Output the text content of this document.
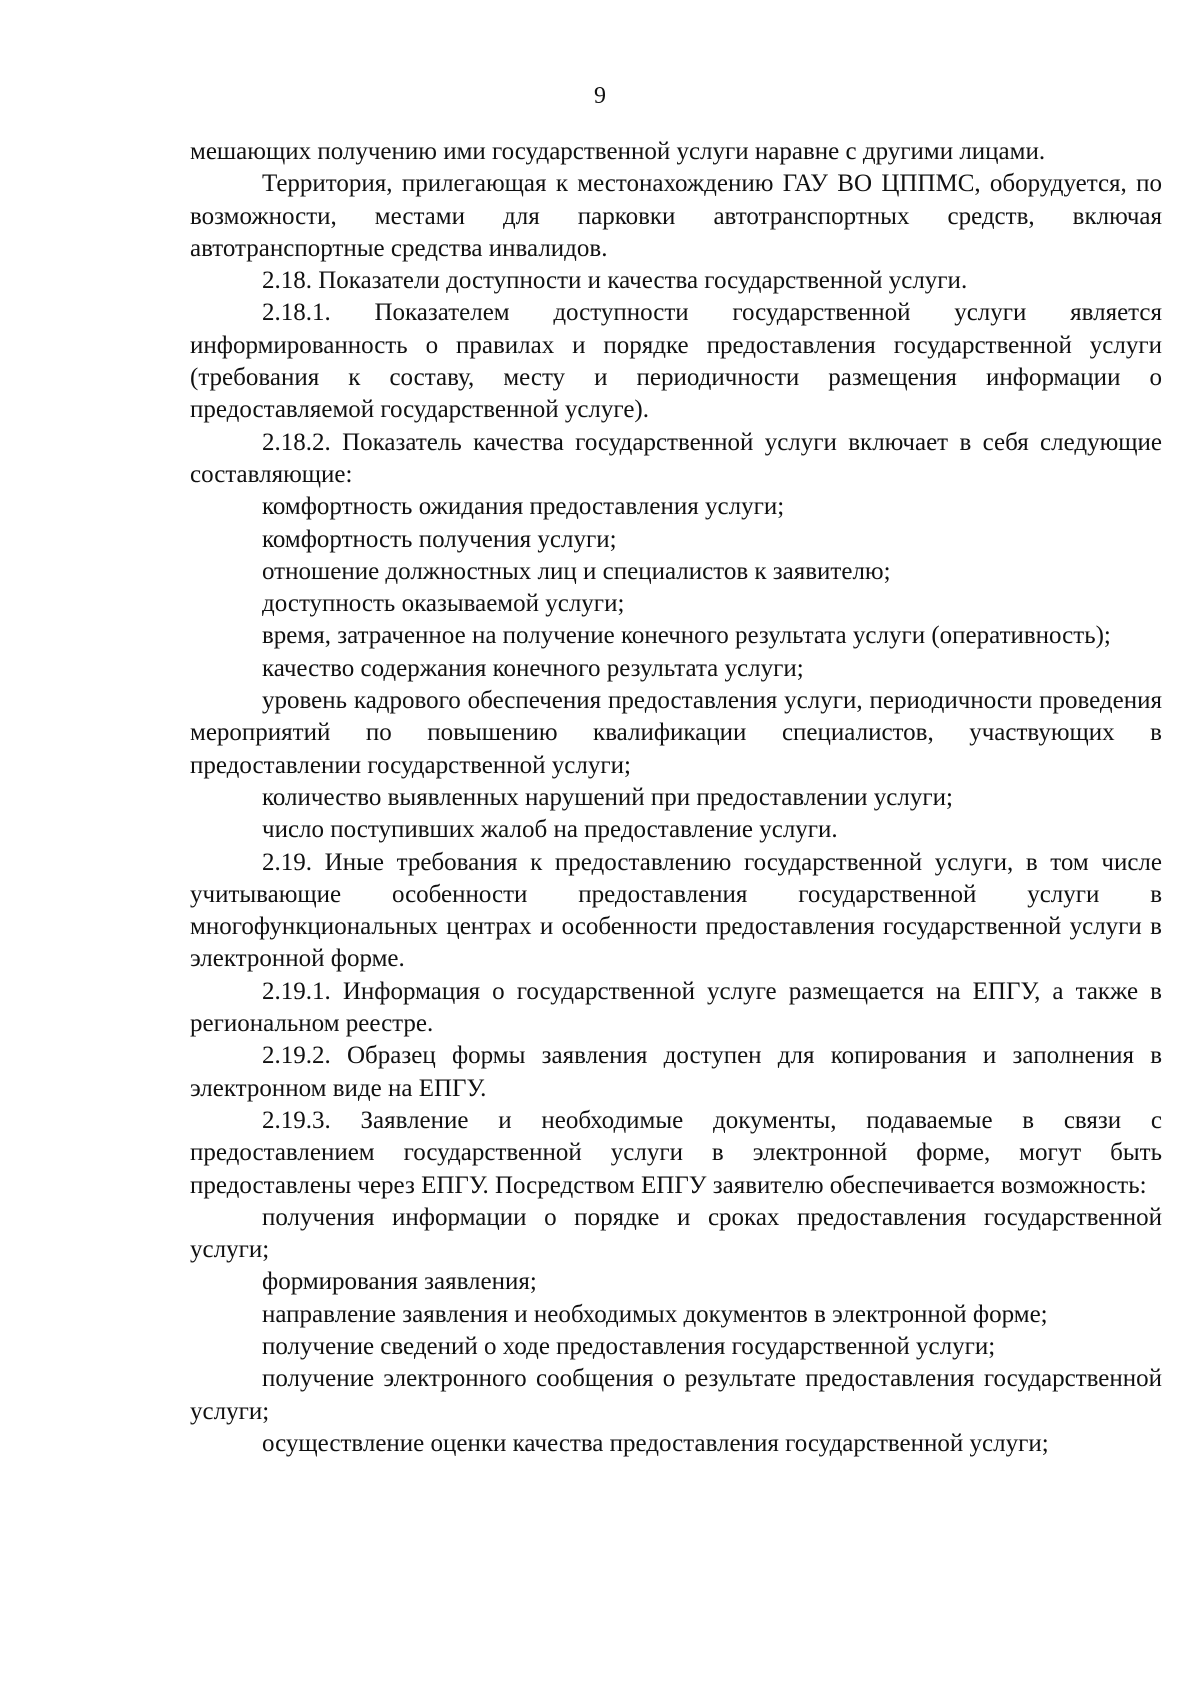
9

мешающих получению ими государственной услуги наравне с другими лицами.

Территория, прилегающая к местонахождению ГАУ ВО ЦППМС, оборудуется, по возможности, местами для парковки автотранспортных средств, включая автотранспортные средства инвалидов.

2.18. Показатели доступности и качества государственной услуги.

2.18.1. Показателем доступности государственной услуги является информированность о правилах и порядке предоставления государственной услуги (требования к составу, месту и периодичности размещения информации о предоставляемой государственной услуге).

2.18.2. Показатель качества государственной услуги включает в себя следующие составляющие:

комфортность ожидания предоставления услуги;

комфортность получения услуги;

отношение должностных лиц и специалистов к заявителю;

доступность оказываемой услуги;

время, затраченное на получение конечного результата услуги (оперативность);

качество содержания конечного результата услуги;

уровень кадрового обеспечения предоставления услуги, периодичности проведения мероприятий по повышению квалификации специалистов, участвующих в предоставлении государственной услуги;

количество выявленных нарушений при предоставлении услуги;

число поступивших жалоб на предоставление услуги.

2.19. Иные требования к предоставлению государственной услуги, в том числе учитывающие особенности предоставления государственной услуги в многофункциональных центрах и особенности предоставления государственной услуги в электронной форме.

2.19.1. Информация о государственной услуге размещается на ЕПГУ, а также в региональном реестре.

2.19.2. Образец формы заявления доступен для копирования и заполнения в электронном виде на ЕПГУ.

2.19.3. Заявление и необходимые документы, подаваемые в связи с предоставлением государственной услуги в электронной форме, могут быть предоставлены через ЕПГУ. Посредством ЕПГУ заявителю обеспечивается возможность:

получения информации о порядке и сроках предоставления государственной услуги;

формирования заявления;

направление заявления и необходимых документов в электронной форме;

получение сведений о ходе предоставления государственной услуги;

получение электронного сообщения о результате предоставления государственной услуги;

осуществление оценки качества предоставления государственной услуги;
